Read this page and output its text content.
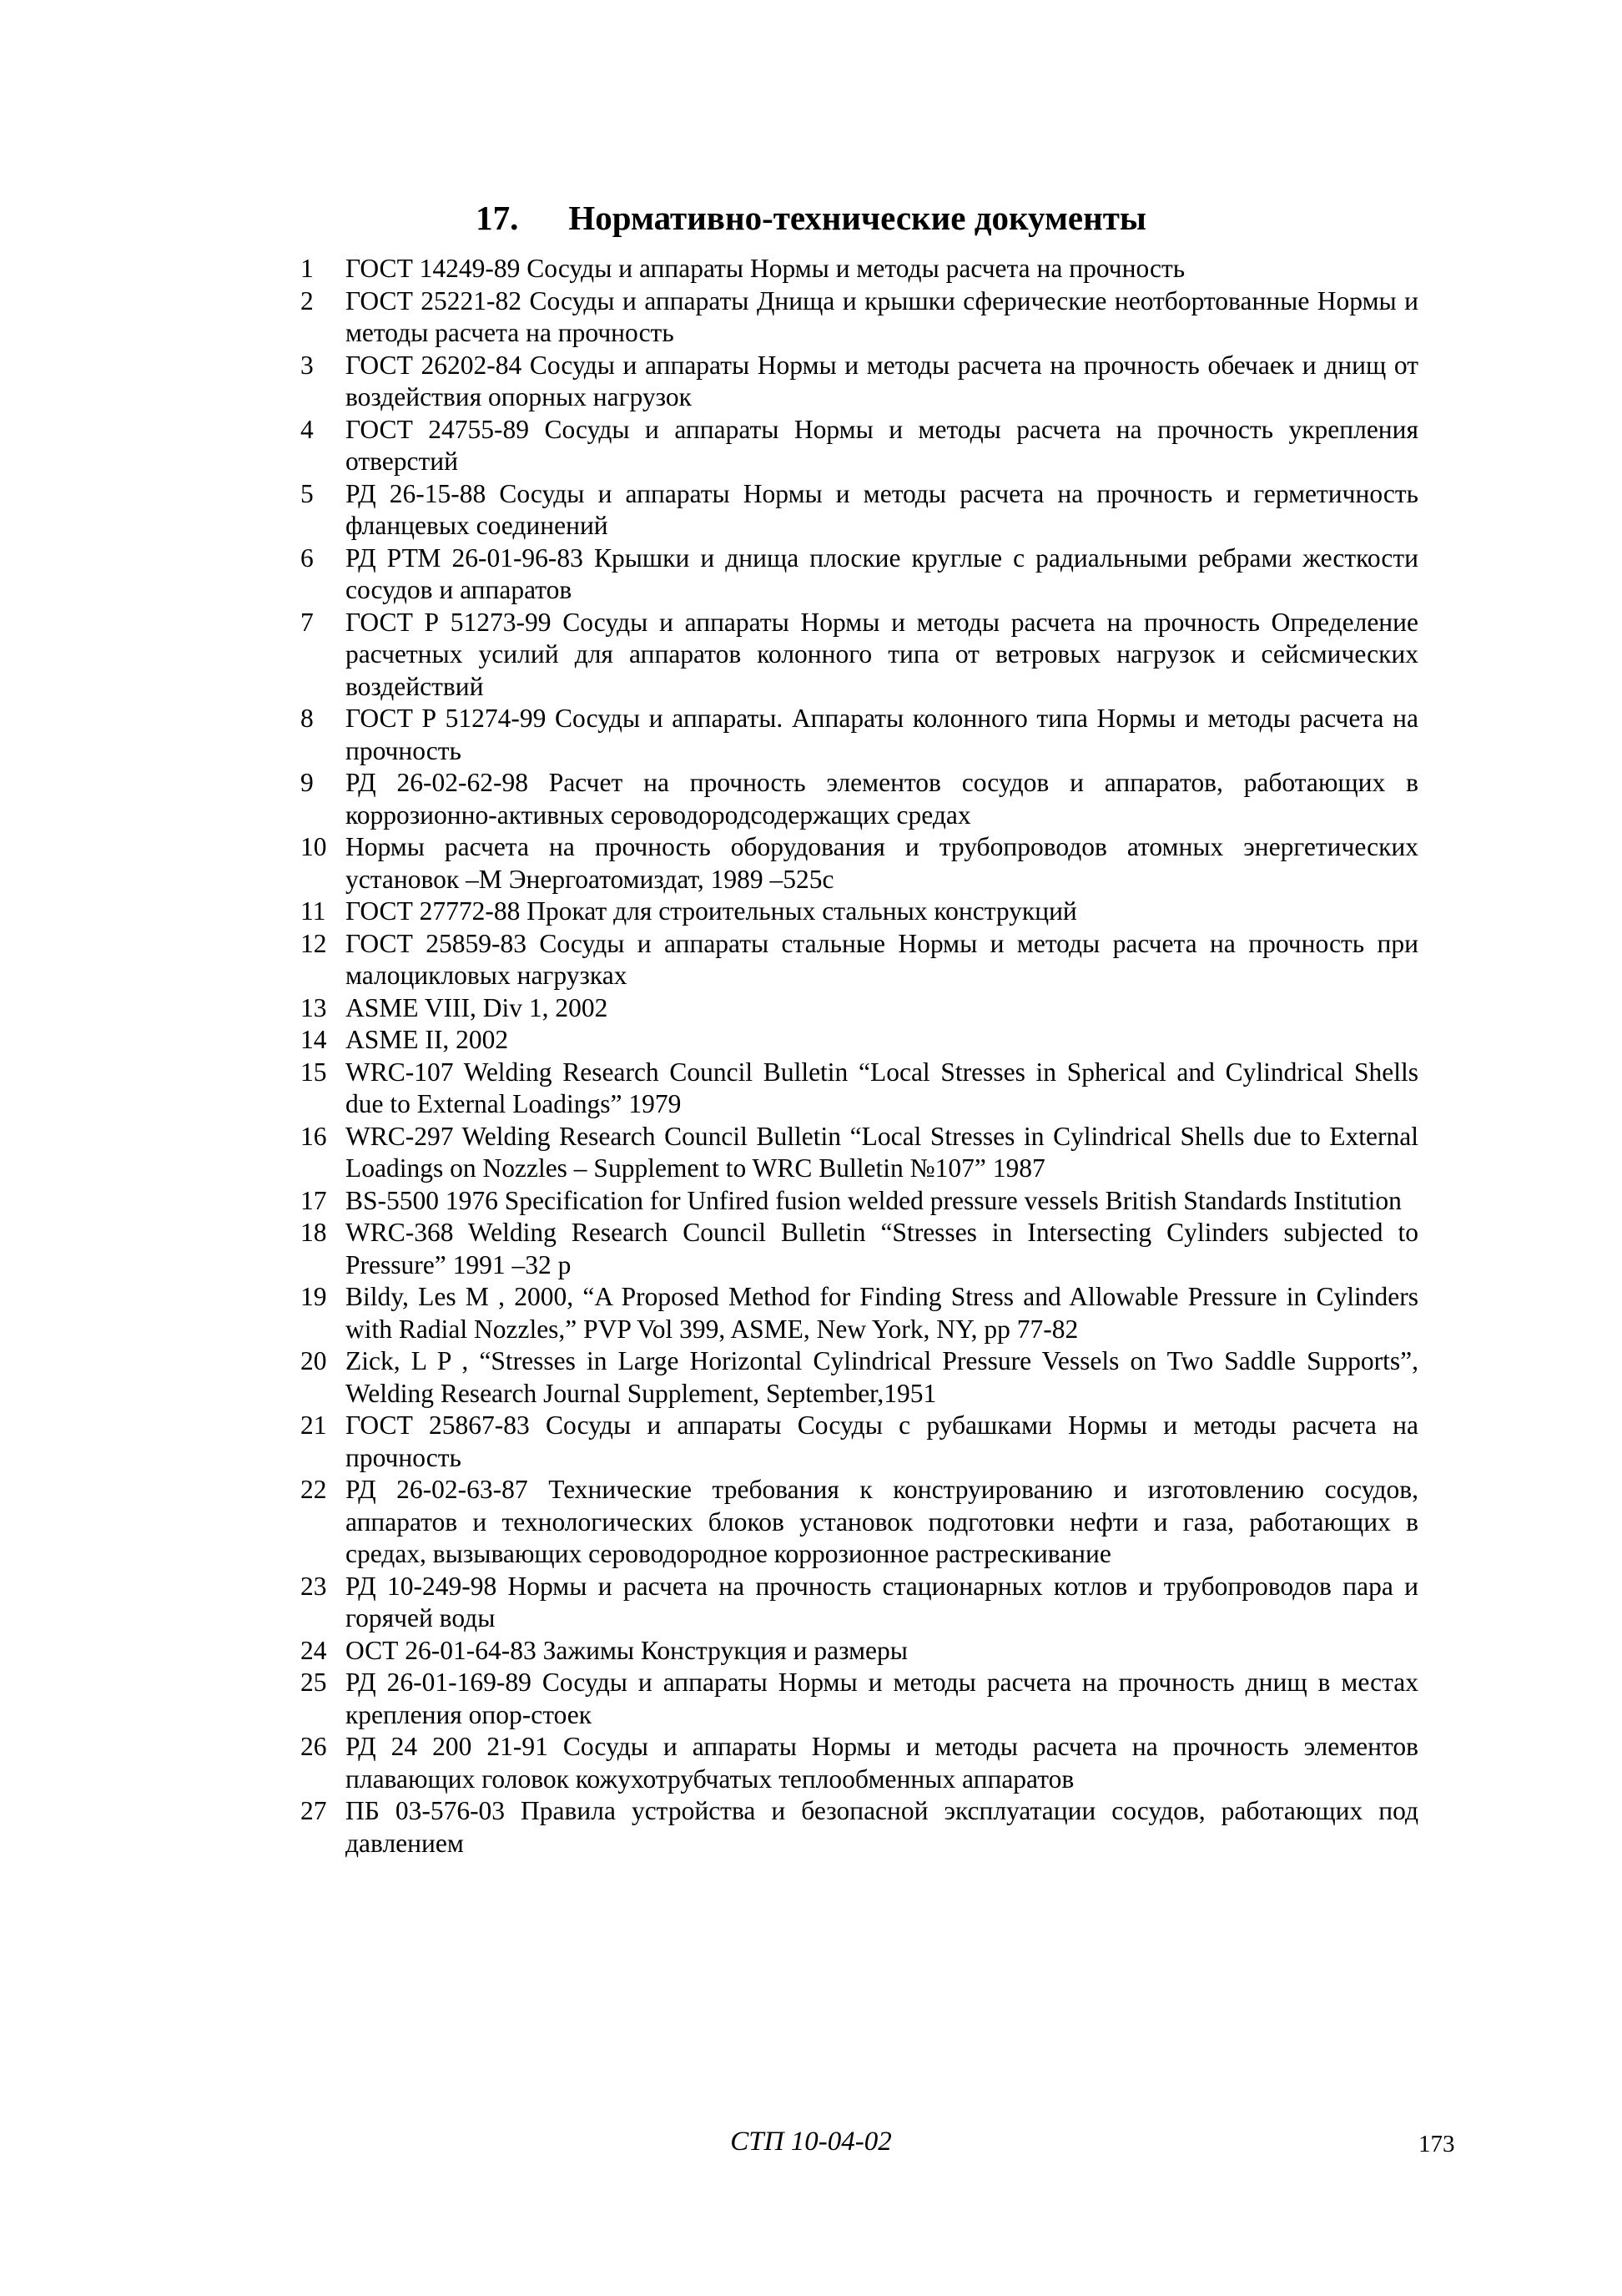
17. Нормативно-технические документы
1	ГОСТ 14249-89 Сосуды и аппараты Нормы и методы расчета на прочность
2	ГОСТ 25221-82 Сосуды и аппараты Днища и крышки сферические неотбортованные Нормы и методы расчета на прочность
3	ГОСТ 26202-84 Сосуды и аппараты Нормы и методы расчета на прочность обечаек и днищ от воздействия опорных нагрузок
4	ГОСТ 24755-89 Сосуды и аппараты Нормы и методы расчета на прочность укрепления отверстий
5	РД 26-15-88 Сосуды и аппараты Нормы и методы расчета на прочность и герметичность фланцевых соединений
6	РД РТМ 26-01-96-83 Крышки и днища плоские круглые с радиальными ребрами жесткости сосудов и аппаратов
7	ГОСТ Р 51273-99 Сосуды и аппараты Нормы и методы расчета на прочность Определение расчетных усилий для аппаратов колонного типа от ветровых нагрузок и сейсмических воздействий
8	ГОСТ Р 51274-99 Сосуды и аппараты. Аппараты колонного типа Нормы и методы расчета на прочность
9	РД 26-02-62-98 Расчет на прочность элементов сосудов и аппаратов, работающих в коррозионно-активных сероводородсодержащих средах
10 Нормы расчета на прочность оборудования и трубопроводов атомных энергетических установок –М Энергоатомиздат, 1989 –525с
11 ГОСТ 27772-88 Прокат для строительных стальных конструкций
12 ГОСТ 25859-83 Сосуды и аппараты стальные Нормы и методы расчета на прочность при малоцикловых нагрузках
13 ASME VIII, Div 1, 2002
14 ASME II, 2002
15 WRC-107 Welding Research Council Bulletin “Local Stresses in Spherical and Cylindrical Shells due to External Loadings” 1979
16 WRC-297 Welding Research Council Bulletin “Local Stresses in Cylindrical Shells due to External Loadings on Nozzles – Supplement to WRC Bulletin №107” 1987
17 BS-5500 1976 Specification for Unfired fusion welded pressure vessels British Standards Institution
18 WRC-368 Welding Research Council Bulletin “Stresses in Intersecting Cylinders subjected to Pressure” 1991 –32 p
19 Bildy, Les M , 2000, “A Proposed Method for Finding Stress and Allowable Pressure in Cylinders with Radial Nozzles,” PVP Vol 399, ASME, New York, NY, pp 77-82
20 Zick, L P , “Stresses in Large Horizontal Cylindrical Pressure Vessels on Two Saddle Supports”, Welding Research Journal Supplement, September,1951
21 ГОСТ 25867-83 Сосуды и аппараты Сосуды с рубашками Нормы и методы расчета на прочность
22 РД 26-02-63-87 Технические требования к конструированию и изготовлению сосудов, аппаратов и технологических блоков установок подготовки нефти и газа, работающих в средах, вызывающих сероводородное коррозионное растрескивание
23 РД 10-249-98 Нормы и расчета на прочность стационарных котлов и трубопроводов пара и горячей воды
24 ОСТ 26-01-64-83 Зажимы Конструкция и размеры
25 РД 26-01-169-89 Сосуды и аппараты Нормы и методы расчета на прочность днищ в местах крепления опор-стоек
26 РД 24 200 21-91 Сосуды и аппараты Нормы и методы расчета на прочность элементов плавающих головок кожухотрубчатых теплообменных аппаратов
27 ПБ 03-576-03 Правила устройства и безопасной эксплуатации сосудов, работающих под давлением
СТП 10-04-02	173
